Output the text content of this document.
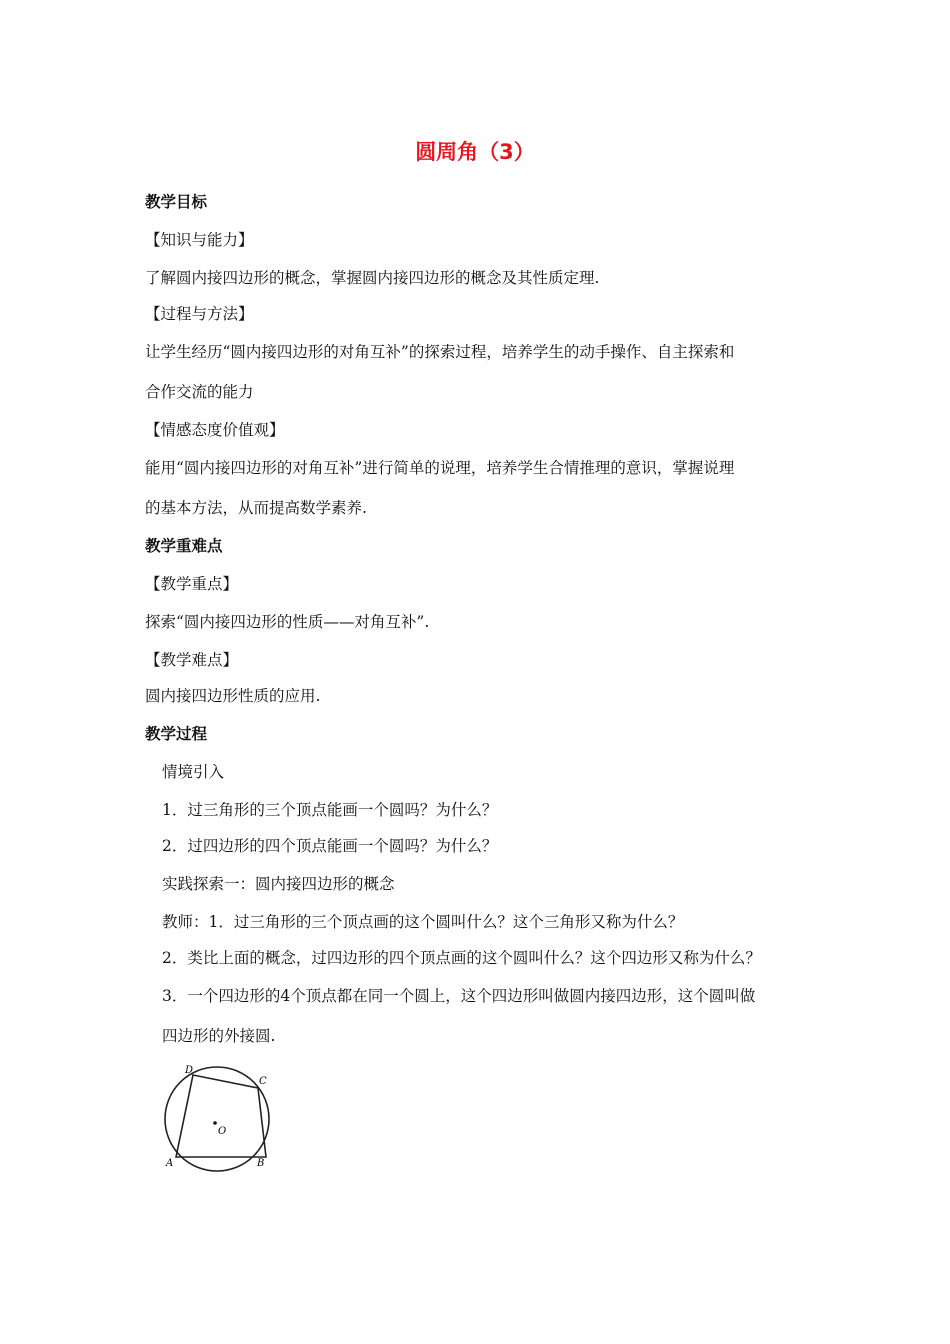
圆周角（3）
教学目标
【知识与能力】
了解圆内接四边形的概念，掌握圆内接四边形的概念及其性质定理.
【过程与方法】
让学生经历“圆内接四边形的对角互补”的探索过程，培养学生的动手操作、自主探索和
合作交流的能力
【情感态度价值观】
能用“圆内接四边形的对角互补”进行简单的说理，培养学生合情推理的意识，掌握说理
的基本方法，从而提高数学素养.
教学重难点
【教学重点】
探索“圆内接四边形的性质——对角互补”.
【教学难点】
圆内接四边形性质的应用.
教学过程
情境引入
1．过三角形的三个顶点能画一个圆吗？为什么？
2．过四边形的四个顶点能画一个圆吗？为什么？
实践探索一：圆内接四边形的概念
教师：1．过三角形的三个顶点画的这个圆叫什么？这个三角形又称为什么？
2．类比上面的概念，过四边形的四个顶点画的这个圆叫什么？这个四边形又称为什么？
3．一个四边形的4个顶点都在同一个圆上，这个四边形叫做圆内接四边形，这个圆叫做
四边形的外接圆.
O
A	B
C
D
